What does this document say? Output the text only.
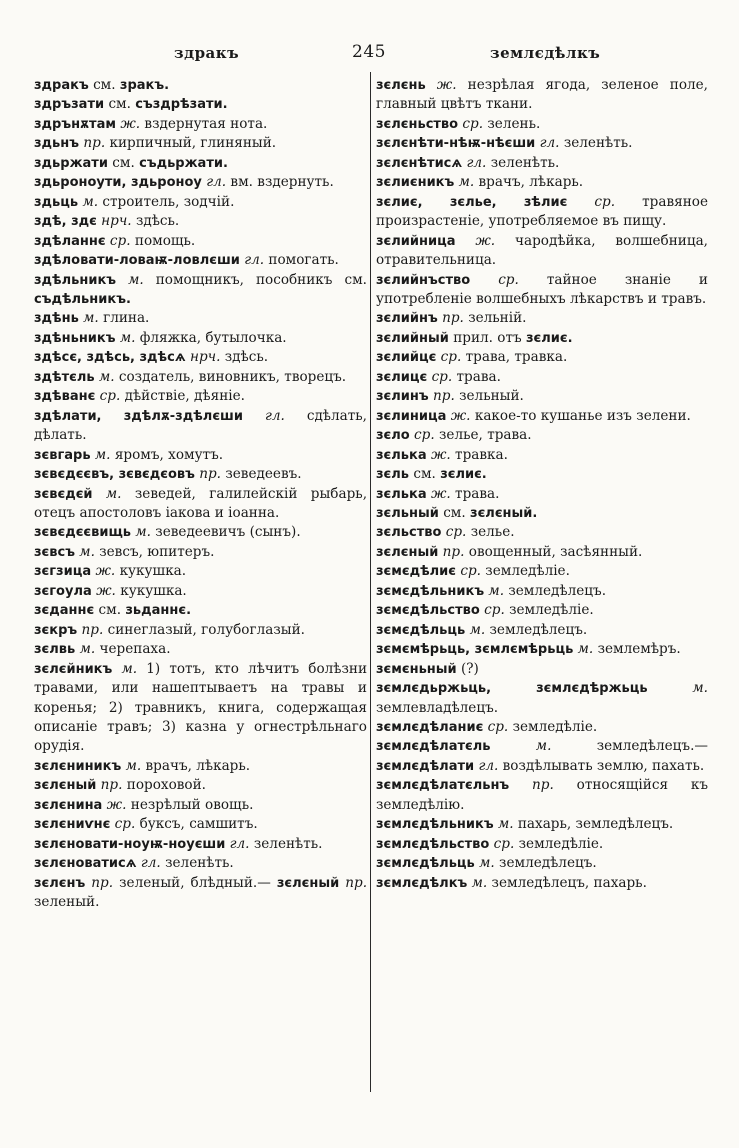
здракъ	245	землєдѣлкъ
здракъ см. зракъ.
здръзати см. създрѣзати.
здрънѫтам ж. вздернутая нота.
здьнъ пр. кирпичный, глиняный.
здьржати см. съдьржати.
здьроноути, здьроноу гл. вм. вздернуть.
здьць м. строитель, зодчій.
здѣ, здє нрч. здѣсь.
здѣланнє ср. помощь.
здѣловати-ловаѭ-ловлєши гл. помогать.
здѣльникъ м. помощникъ, пособникъ см. съдѣльникъ.
здѣнь м. глина.
здѣньникъ м. фляжка, бутылочка.
здѣсє, здѣсь, здѣсѧ нрч. здѣсь.
здѣтєль м. создатель, виновникъ, творецъ.
здѣванє ср. дѣйствіе, дѣяніе.
здѣлати, здѣлѫ-здѣлєши гл. сдѣлать, дѣлать.
зєвгарь м. яромъ, хомутъ.
зєвєдєєвъ, зєвєдєовъ пр. зеведеевъ.
зєвєдєй м. зеведей, галилейскій рыбарь, отецъ апостоловъ іакова и іоанна.
зєвєдєєвищь м. зеведеевичъ (сынъ).
зєвсъ м. зевсъ, юпитеръ.
зєгзица ж. кукушка.
зєгоула ж. кукушка.
зєданнє см. зьданнє.
зєкръ пр. синеглазый, голубоглазый.
зєлвь м. черепаха.
зєлєйникъ м. 1) тотъ, кто лѣчитъ болѣзни травами, или нашептываетъ на травы и коренья; 2) травникъ, книга, содержащая описаніе травъ; 3) казна у огнестрѣльнаго орудія.
зєлєниникъ м. врачъ, лѣкарь.
зєлєный пр. пороховой.
зєлєнина ж. незрѣлый овощь.
зєлєниѵнє ср. буксъ, самшитъ.
зєлєновати-ноуѭ-ноуєши гл. зеленѣть.
зєлєноватисѧ гл. зеленѣть.
зєлєнъ пр. зеленый, блѣдный.— зєлєный пр. зеленый.
зєлєнь ж. незрѣлая ягода, зеленое поле, главный цвѣтъ ткани.
зєлєньство ср. зелень.
зєлєнѣти-нѣѭ-нѣєши гл. зеленѣть.
зєлєнѣтисѧ гл. зеленѣть.
зєлиєникъ м. врачъ, лѣкарь.
зєлиє, зєлье, зѣлиє ср. травяное произрастеніе, употребляемое въ пищу.
зєлийница ж. чародѣйка, волшебница, отравительница.
зєлийнъство ср. тайное знаніе и употребленіе волшебныхъ лѣкарствъ и травъ.
зєлийнъ пр. зельній.
зєлийный прил. отъ зєлиє.
зєлийцє ср. трава, травка.
зєлицє ср. трава.
зєлинъ пр. зельный.
зєлиница ж. какое-то кушанье изъ зелени.
зєло ср. зелье, трава.
зєлька ж. травка.
зєль см. зєлиє.
зєлька ж. трава.
зєльный см. зєлєный.
зєльство ср. зелье.
зєлєный пр. овощенный, засѣянный.
зємєдѣлиє ср. земледѣліе.
зємєдѣльникъ м. земледѣлецъ.
зємєдѣльство ср. земледѣліе.
зємєдѣльць м. земледѣлецъ.
зємємѣрьць, зємлємѣрьць м. землемѣръ.
зємєньный (?)
зємлєдьржьць, зємлєдѣржьць	м. землевладѣлецъ.
зємлєдѣланиє ср. земледѣліе.
зємлєдѣлатєль	м.	земледѣлецъ.— зємлєдѣлати гл. воздѣлывать землю, пахать.
зємлєдѣлатєльнъ пр. относящійся къ земледѣлію.
зємлєдѣльникъ м. пахарь, земледѣлецъ.
зємлєдѣльство ср. земледѣліе.
зємлєдѣльць м. земледѣлецъ.
зємлєдѣлкъ м. земледѣлецъ, пахарь.
